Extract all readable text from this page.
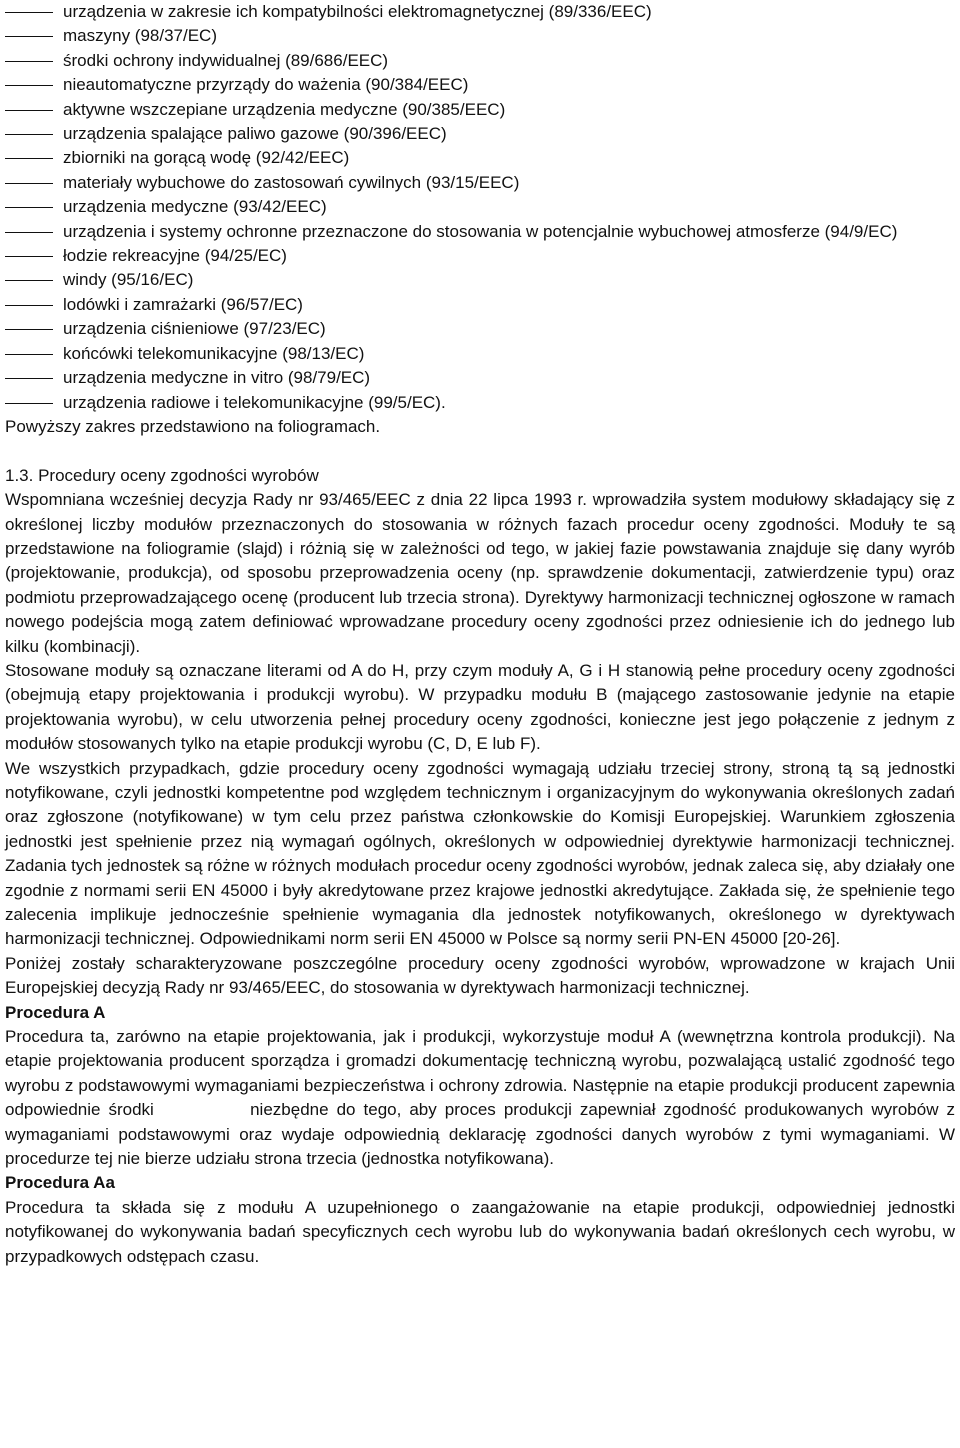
urządzenia w zakresie ich kompatybilności elektromagnetycznej (89/336/EEC)
maszyny (98/37/EC)
środki ochrony indywidualnej (89/686/EEC)
nieautomatyczne przyrządy do ważenia (90/384/EEC)
aktywne wszczepiane urządzenia medyczne (90/385/EEC)
urządzenia spalające paliwo gazowe (90/396/EEC)
zbiorniki na gorącą wodę (92/42/EEC)
materiały wybuchowe do zastosowań cywilnych (93/15/EEC)
urządzenia medyczne (93/42/EEC)
urządzenia i systemy ochronne przeznaczone do stosowania w potencjalnie wybuchowej atmosferze (94/9/EC)
łodzie rekreacyjne (94/25/EC)
windy (95/16/EC)
lodówki i zamrażarki (96/57/EC)
urządzenia ciśnieniowe (97/23/EC)
końcówki telekomunikacyjne (98/13/EC)
urządzenia medyczne in vitro (98/79/EC)
urządzenia radiowe i telekomunikacyjne (99/5/EC).

Powyższy zakres przedstawiono na foliogramach.

1.3. Procedury oceny zgodności wyrobów

Wspomniana wcześniej decyzja Rady nr 93/465/EEC z dnia 22 lipca 1993 r. wprowadziła system modułowy składający się z określonej liczby modułów przeznaczonych do stosowania w różnych fazach procedur oceny zgodności. Moduły te są przedstawione na foliogramie (slajd) i różnią się w zależności od tego, w jakiej fazie powstawania znajduje się dany wyrób (projektowanie, produkcja), od sposobu przeprowadzenia oceny (np. sprawdzenie dokumentacji, zatwierdzenie typu) oraz podmiotu przeprowadzającego ocenę (producent lub trzecia strona). Dyrektywy harmonizacji technicznej ogłoszone w ramach nowego podejścia mogą zatem definiować wprowadzane procedury oceny zgodności przez odniesienie ich do jednego lub kilku (kombinacji).

Stosowane moduły są oznaczane literami od A do H, przy czym moduły A, G i H stanowią pełne procedury oceny zgodności (obejmują etapy projektowania i produkcji wyrobu). W przypadku modułu B (mającego zastosowanie jedynie na etapie projektowania wyrobu), w celu utworzenia pełnej procedury oceny zgodności, konieczne jest jego połączenie z jednym z modułów stosowanych tylko na etapie produkcji wyrobu (C, D, E lub F).

We wszystkich przypadkach, gdzie procedury oceny zgodności wymagają udziału trzeciej strony, stroną tą są jednostki notyfikowane, czyli jednostki kompetentne pod względem technicznym i organizacyjnym do wykonywania określonych zadań oraz zgłoszone (notyfikowane) w tym celu przez państwa członkowskie do Komisji Europejskiej. Warunkiem zgłoszenia jednostki jest spełnienie przez nią wymagań ogólnych, określonych w odpowiedniej dyrektywie harmonizacji technicznej. Zadania tych jednostek są różne w różnych modułach procedur oceny zgodności wyrobów, jednak zaleca się, aby działały one zgodnie z normami serii EN 45000 i były akredytowane przez krajowe jednostki akredytujące. Zakłada się, że spełnienie tego zalecenia implikuje jednocześnie spełnienie wymagania dla jednostek notyfikowanych, określonego w dyrektywach harmonizacji technicznej. Odpowiednikami norm serii EN 45000 w Polsce są normy serii PN-EN 45000 [20-26].

Poniżej zostały scharakteryzowane poszczególne procedury oceny zgodności wyrobów, wprowadzone w krajach Unii Europejskiej decyzją Rady nr 93/465/EEC, do stosowania w dyrektywach harmonizacji technicznej.

Procedura A

Procedura ta, zarówno na etapie projektowania, jak i produkcji, wykorzystuje moduł A (wewnętrzna kontrola produkcji). Na etapie projektowania producent sporządza i gromadzi dokumentację techniczną wyrobu, pozwalającą ustalić zgodność tego wyrobu z podstawowymi wymaganiami bezpieczeństwa i ochrony zdrowia. Następnie na etapie produkcji producent zapewnia odpowiednie środki            niezbędne do tego, aby proces produkcji zapewniał zgodność produkowanych wyrobów z wymaganiami podstawowymi oraz wydaje odpowiednią deklarację zgodności danych wyrobów z tymi wymaganiami. W procedurze tej nie bierze udziału strona trzecia (jednostka notyfikowana).

Procedura Aa

Procedura ta składa się z modułu A uzupełnionego o zaangażowanie na etapie produkcji, odpowiedniej jednostki notyfikowanej do wykonywania badań specyficznych cech wyrobu lub do wykonywania badań określonych cech wyrobu, w przypadkowych odstępach czasu.
